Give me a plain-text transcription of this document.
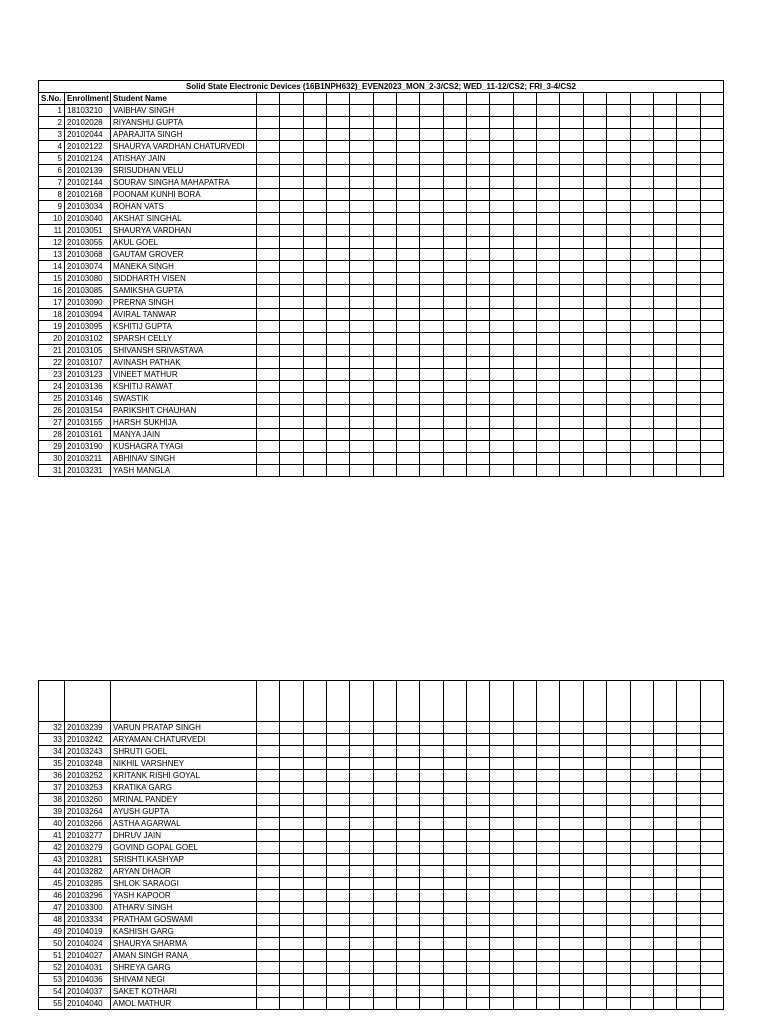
Solid State Electronic Devices (16B1NPH632)_EVEN2023_MON_2-3/CS2; WED_11-12/CS2; FRI_3-4/CS2																						
S.No.	Enrollment	Student Name																				
1	18103210	VAIBHAV SINGH																				
2	20102028	RIYANSHU GUPTA																				
3	20102044	APARAJITA SINGH																				
4	20102122	SHAURYA VARDHAN CHATURVEDI																				
5	20102124	ATISHAY JAIN																				
6	20102139	SRISUDHAN VELU																				
7	20102144	SOURAV SINGHA MAHAPATRA																				
8	20102168	POONAM KUNHI BORA																				
9	20103034	ROHAN VATS																				
10	20103040	AKSHAT SINGHAL																				
11	20103051	SHAURYA VARDHAN																				
12	20103055	AKUL GOEL																				
13	20103068	GAUTAM GROVER																				
14	20103074	MANEKA SINGH																				
15	20103080	SIDDHARTH VISEN																				
16	20103085	SAMIKSHA GUPTA																				
17	20103090	PRERNA SINGH																				
18	20103094	AVIRAL TANWAR																				
19	20103095	KSHITIJ GUPTA																				
20	20103102	SPARSH CELLY																				
21	20103105	SHIVANSH SRIVASTAVA																				
22	20103107	AVINASH PATHAK																				
23	20103123	VINEET MATHUR																				
24	20103136	KSHITIJ RAWAT																				
25	20103146	SWASTIK																				
26	20103154	PARIKSHIT CHAUHAN																				
27	20103155	HARSH SUKHIJA																				
28	20103161	MANYA JAIN																				
29	20103190	KUSHAGRA TYAGI																				
30	20103211	ABHINAV SINGH																				
31	20103231	YASH MANGLA																				

32	20103239	VARUN PRATAP SINGH																				
33	20103242	ARYAMAN CHATURVEDI																				
34	20103243	SHRUTI GOEL																				
35	20103248	NIKHIL VARSHNEY																				
36	20103252	KRITANK RISHI GOYAL																				
37	20103253	KRATIKA GARG																				
38	20103260	MRINAL PANDEY																				
39	20103264	AYUSH GUPTA																				
40	20103266	ASTHA AGARWAL																				
41	20103277	DHRUV JAIN																				
42	20103279	GOVIND GOPAL GOEL																				
43	20103281	SRISHTI KASHYAP																				
44	20103282	ARYAN DHAOR																				
45	20103285	SHLOK SARAOGI																				
46	20103296	YASH KAPOOR																				
47	20103300	ATHARV SINGH																				
48	20103334	PRATHAM GOSWAMI																				
49	20104019	KASHISH GARG																				
50	20104024	SHAURYA SHARMA																				
51	20104027	AMAN SINGH RANA																				
52	20104031	SHREYA GARG																				
53	20104036	SHIVAM NEGI																				
54	20104037	SAKET KOTHARI																				
55	20104040	AMOL MATHUR																				
